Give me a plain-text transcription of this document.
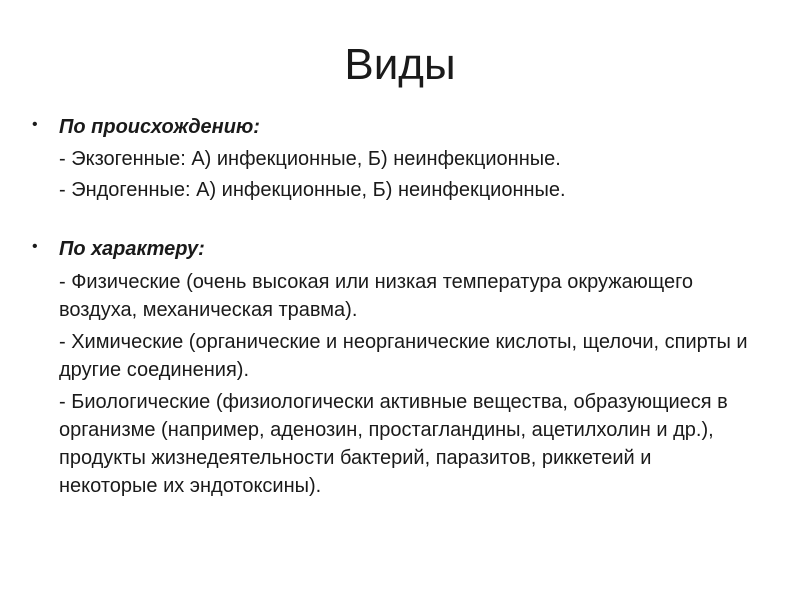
Виды
• По происхождению:
- Экзогенные: А) инфекционные, Б) неинфекционные.
- Эндогенные: А) инфекционные, Б) неинфекционные.
• По характеру:
- Физические (очень высокая или низкая температура окружающего воздуха, механическая травма).
- Химические (органические и неорганические кислоты, щелочи, спирты и другие соединения).
- Биологические (физиологически активные вещества, образующиеся в организме (например, аденозин, простагландины, ацетилхолин и др.), продукты жизнедеятельности бактерий, паразитов, риккетеий и некоторые их эндотоксины).
